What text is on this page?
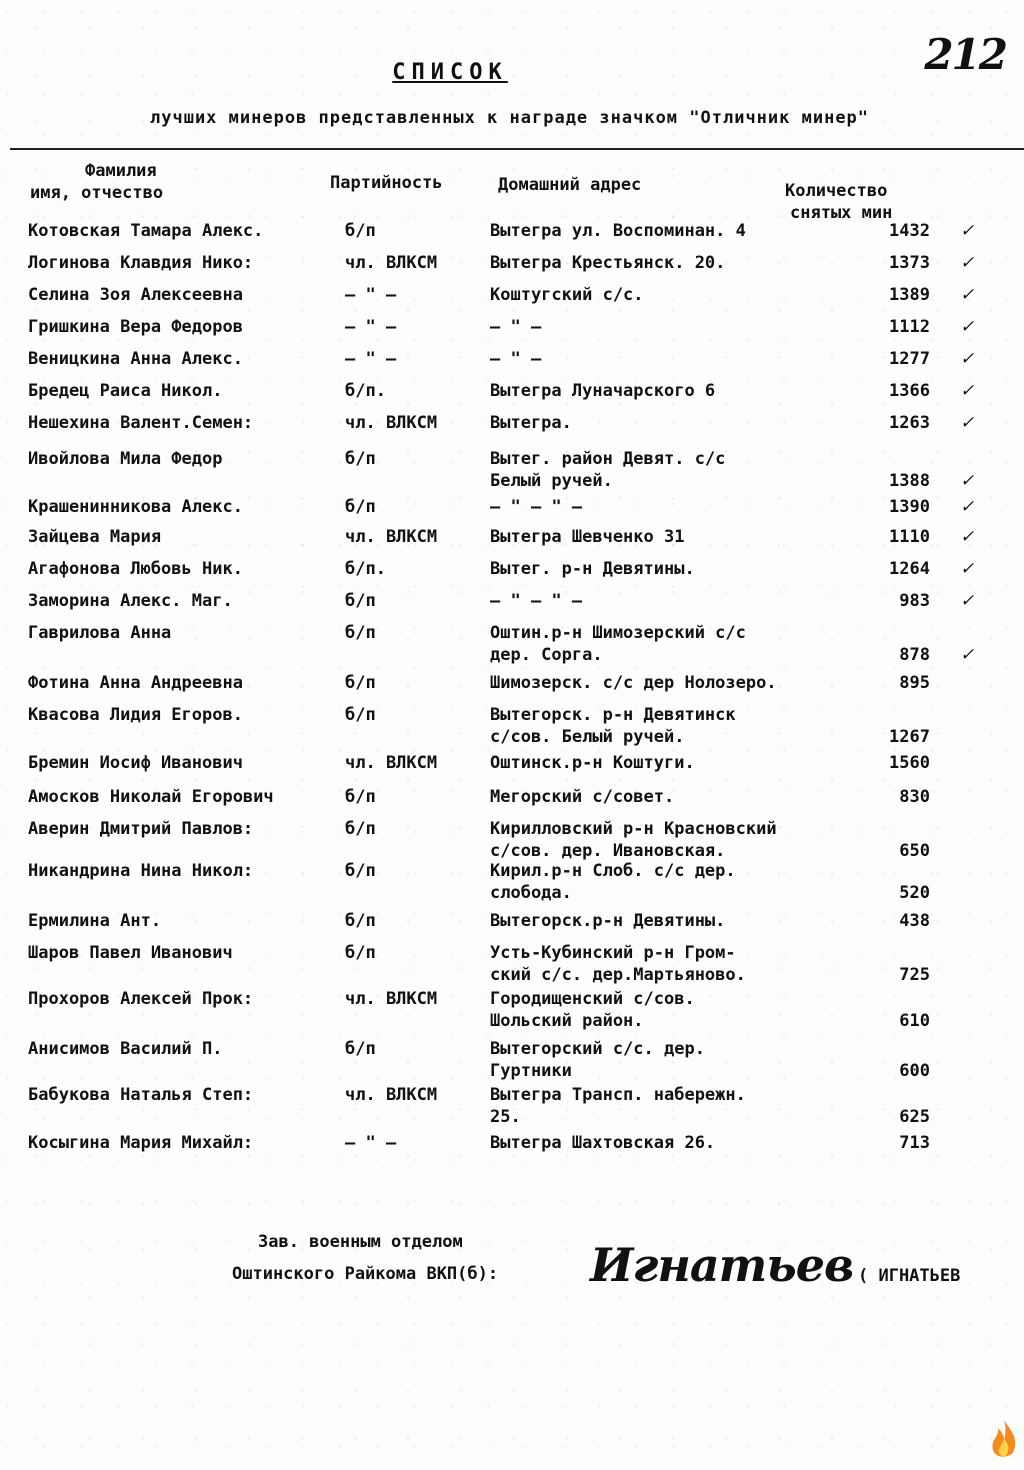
212
СПИСОК
лучших минеров представленных к награде значком "Отличник минер"
Фамилия
имя, отчество	Партийность	Домашний адрес	Количество
снятых мин
Котовская Тамара Алекс.	б/п	Вытегра ул. Воспоминан. 4	1432 ✓
Логинова Клавдия Нико:	чл. ВЛКСМ	Вытегра Крестьянск. 20.	1373 ✓
Селина Зоя Алексеевна	– " –	Коштугский с/с.	1389 ✓
Гришкина Вера Федоров	– " –	– " –	1112 ✓
Веницкина Анна Алекс.	– " –	– " –	1277 ✓
Бредец Раиса Никол.	б/п.	Вытегра Луначарского 6	1366 ✓
Нешехина Валент.Семен:	чл. ВЛКСМ	Вытегра.	1263 ✓
Ивойлова Мила Федор	б/п	Вытег. район Девят. с/с
Белый ручей.	1388 ✓
Крашенинникова Алекс.	б/п	– " – " –	1390 ✓
Зайцева Мария	чл. ВЛКСМ	Вытегра Шевченко 31	1110 ✓
Агафонова Любовь Ник.	б/п.	Вытег. р-н Девятины.	1264 ✓
Заморина Алекс. Маг.	б/п	– " – " –	983 ✓
Гаврилова Анна	б/п	Оштин.р-н Шимозерский с/с
дер. Сорга.	878 ✓
Фотина Анна Андреевна	б/п	Шимозерск. с/с дер Нолозеро.	895
Квасова Лидия Егоров.	б/п	Вытегорск. р-н Девятинск
с/сов. Белый ручей.	1267
Бремин Иосиф Иванович	чл. ВЛКСМ	Оштинск.р-н Коштуги.	1560
Амосков Николай Егорович	б/п	Мегорский с/совет.	830
Аверин Дмитрий Павлов:	б/п	Кирилловский р-н Красновский
с/сов. дер. Ивановская.	650
Никандрина Нина Никол:	б/п	Кирил.р-н Слоб. с/с дер.
слобода.	520
Ермилина Ант.	б/п	Вытегорск.р-н Девятины.	438
Шаров Павел Иванович	б/п	Усть-Кубинский р-н Гром-
ский с/с. дер.Мартьяново.	725
Прохоров Алексей Прок:	чл. ВЛКСМ	Городищенский с/сов.
Шольский район.	610
Анисимов Василий П.	б/п	Вытегорский с/с. дер.
Гуртники	600
Бабукова Наталья Степ:	чл. ВЛКСМ	Вытегра Трансп. набережн.
25.	625
Косыгина Мария Михайл:	– " –	Вытегра Шахтовская 26.	713
Зав. военным отделом
Оштинского Райкома ВКП(б): Игнатьев ( ИГНАТЬЕВ
